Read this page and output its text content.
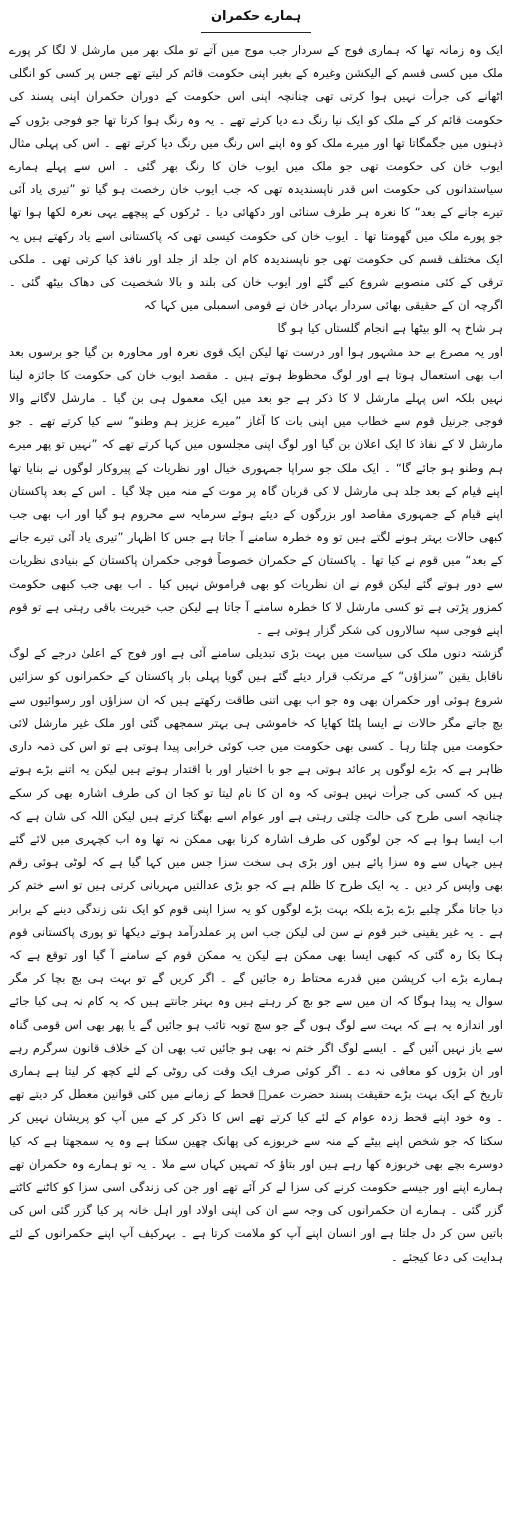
ہمارے حکمران

ایک وہ زمانہ تھا کہ ہماری فوج کے سردار جب موج میں آتے تو ملک بھر میں مارشل لا لگا کر پورے ملک میں کسی قسم کے الیکشن وغیرہ کے بغیر اپنی حکومت قائم کر لیتے تھے جس پر کسی کو انگلی اٹھانے کی جرأت نہیں ہوا کرتی تھی چنانچہ اپنی اس حکومت کے دوران حکمران اپنی پسند کی حکومت قائم کر کے ملک کو ایک نیا رنگ دے دیا کرتے تھے ۔ یہ وہ رنگ ہوا کرتا تھا جو فوجی بڑوں کے ذہنوں میں جگمگاتا تھا اور میرے ملک کو وہ اپنے اس رنگ میں رنگ دیا کرتے تھے ۔ اس کی پہلی مثال ایوب خان کی حکومت تھی جو ملک میں ایوب خان کا رنگ بھر گئی ۔ اس سے پہلے ہمارے سیاستدانوں کی حکومت اس قدر ناپسندیدہ تھی کہ جب ایوب خان رخصت ہو گیا تو ”تیری یاد آئی تیرے جانے کے بعد“ کا نعرہ ہر طرف سنائی اور دکھائی دیا ۔ ٹرکوں کے پیچھے یہی نعرہ لکھا ہوا تھا جو پورے ملک میں گھومتا تھا ۔ ایوب خان کی حکومت کیسی تھی کہ پاکستانی اسے یاد رکھتے ہیں یہ ایک مختلف قسم کی حکومت تھی جو ناپسندیدہ کام ان جلد از جلد اور نافذ کیا کرتی تھی ۔ ملکی ترقی کے کئی منصوبے شروع کیے گئے اور ایوب خان کی بلند و بالا شخصیت کی دھاک بیٹھ گئی ۔ اگرچہ ان کے حقیقی بھائی سردار بہادر خان نے قومی اسمبلی میں کہا کہ

ہر شاخ پہ الو بیٹھا ہے انجام گلستاں کیا ہو گا

اور یہ مصرع بے حد مشہور ہوا اور درست تھا لیکن ایک قوی نعرہ اور محاورہ بن گیا جو برسوں بعد اب بھی استعمال ہوتا ہے اور لوگ محظوظ ہوتے ہیں ۔ مقصد ایوب خان کی حکومت کا جائزہ لینا نہیں بلکہ اس پہلے مارشل لا کا ذکر ہے جو بعد میں ایک معمول ہی بن گیا ۔ مارشل لاگانے والا فوجی جرنیل قوم سے خطاب میں اپنی بات کا آغاز ”میرے عزیز ہم وطنو“ سے کیا کرتے تھے ۔ جو مارشل لا کے نفاذ کا ایک اعلان بن گیا اور لوگ اپنی مجلسوں میں کہا کرتے تھے کہ ”نہیں تو پھر میرے ہم وطنو ہو جائے گا“ ۔ ایک ملک جو سراپا جمہوری خیال اور نظریات کے پیروکار لوگوں نے بنایا تھا اپنے قیام کے بعد جلد ہی مارشل لا کی قربان گاہ پر موت کے منہ میں چلا گیا ۔ اس کے بعد پاکستان اپنے قیام کے جمہوری مقاصد اور بزرگوں کے دیئے ہوئے سرمایہ سے محروم ہو گیا اور اب بھی جب کبھی حالات بہتر ہونے لگتے ہیں تو وہ خطرہ سامنے آ جاتا ہے جس کا اظہار ”تیری یاد آئی تیرے جانے کے بعد“ میں قوم نے کیا تھا ۔ پاکستان کے حکمران خصوصاً فوجی حکمران پاکستان کے بنیادی نظریات سے دور ہوتے گئے لیکن قوم نے ان نظریات کو بھی فراموش نہیں کیا ۔ اب بھی جب کبھی حکومت کمزور پڑتی ہے تو کسی مارشل لا کا خطرہ سامنے آ جاتا ہے لیکن جب خیریت باقی رہتی ہے تو قوم اپنے فوجی سپہ سالاروں کی شکر گزار ہوتی ہے ۔

گزشتہ دنوں ملک کی سیاست میں بہت بڑی تبدیلی سامنے آئی ہے اور فوج کے اعلیٰ درجے کے لوگ ناقابل یقین ”سزاؤں“ کے مرتکب قرار دیئے گئے ہیں گویا پہلی بار پاکستان کے حکمرانوں کو سزائیں شروع ہوئی اور حکمران بھی وہ جو اب بھی اتنی طاقت رکھتے ہیں کہ ان سزاؤں اور رسوائیوں سے بچ جاتے مگر حالات نے ایسا پلٹا کھایا کہ خاموشی ہی بہتر سمجھی گئی اور ملک غیر مارشل لائی حکومت میں چلتا رہا ۔ کسی بھی حکومت میں جب کوئی خرابی پیدا ہوتی ہے تو اس کی ذمہ داری ظاہر ہے کہ بڑے لوگوں پر عائد ہوتی ہے جو با اختیار اور با اقتدار ہوتے ہیں لیکن یہ اتنے بڑے ہوتے ہیں کہ کسی کی جرأت نہیں ہوتی کہ وہ ان کا نام لیتا تو کجا ان کی طرف اشارہ بھی کر سکے چنانچہ اسی طرح کی حالت چلتی رہتی ہے اور عوام اسے بھگتا کرتے ہیں لیکن اللہ کی شان ہے کہ اب ایسا ہوا ہے کہ جن لوگوں کی طرف اشارہ کرنا بھی ممکن نہ تھا وہ اب کچہری میں لائے گئے ہیں جہاں سے وہ سزا پائے ہیں اور بڑی ہی سخت سزا جس میں کہا گیا ہے کہ لوٹی ہوئی رقم بھی واپس کر دیں ۔ یہ ایک طرح کا ظلم ہے کہ جو بڑی عدالتیں مہربانی کرتی ہیں تو اسے ختم کر دیا جاتا مگر چلیے بڑے بڑے بلکہ بہت بڑے لوگوں کو یہ سزا اپنی قوم کو ایک نئی زندگی دینے کے برابر ہے ۔ یہ غیر یقینی خبر قوم نے سن لی لیکن جب اس پر عملدرآمد ہوتے دیکھا تو پوری پاکستانی قوم ہکا بکا رہ گئی کہ کبھی ایسا بھی ممکن ہے لیکن یہ ممکن قوم کے سامنے آ گیا اور توقع ہے کہ ہمارے بڑے اب کرپشن میں قدرے محتاط رہ جائیں گے ۔ اگر کریں گے تو بہت ہی بچ بچا کر مگر سوال یہ پیدا ہوگا کہ ان میں سے جو بچ کر رہتے ہیں وہ بہتر جانتے ہیں کہ یہ کام نہ ہی کیا جائے اور اندازہ یہ ہے کہ بہت سے لوگ ہوں گے جو سچ توبہ تائب ہو جائیں گے یا پھر بھی اس قومی گناہ سے باز نہیں آئیں گے ۔ ایسے لوگ اگر ختم نہ بھی ہو جائیں تب بھی ان کے خلاف قانون سرگرم رہے اور ان بڑوں کو معافی نہ دے ۔ اگر کوئی صرف ایک وقت کی روٹی کے لئے کچھ کر لیتا ہے ہماری تاریخ کے ایک بہت بڑے حقیقت پسند حضرت عمرؓ قحط کے زمانے میں کئی قوانین معطل کر دیتے تھے ۔ وہ خود اپنے قحط زدہ عوام کے لئے کیا کرتے تھے اس کا ذکر کر کے میں آپ کو پریشان نہیں کر سکتا کہ جو شخص اپنے بیٹے کے منہ سے خربوزے کی پھانک چھین سکتا ہے وہ یہ سمجھتا ہے کہ کیا دوسرے بچے بھی خربوزہ کھا رہے ہیں اور بتاؤ کہ تمہیں کہاں سے ملا ۔ یہ تو ہمارے وہ حکمران تھے ہمارے اپنے اور جیسے حکومت کرنے کی سزا لے کر آئے تھے اور جن کی زندگی اسی سزا کو کاٹنے کاٹتے گزر گئی ۔ ہمارے ان حکمرانوں کی وجہ سے ان کی اپنی اولاد اور اہل خانہ پر کیا گزر گئی اس کی باتیں سن کر دل جلتا ہے اور انسان اپنے آپ کو ملامت کرتا ہے ۔ بہرکیف آپ اپنے حکمرانوں کے لئے ہدایت کی دعا کیجئے ۔
